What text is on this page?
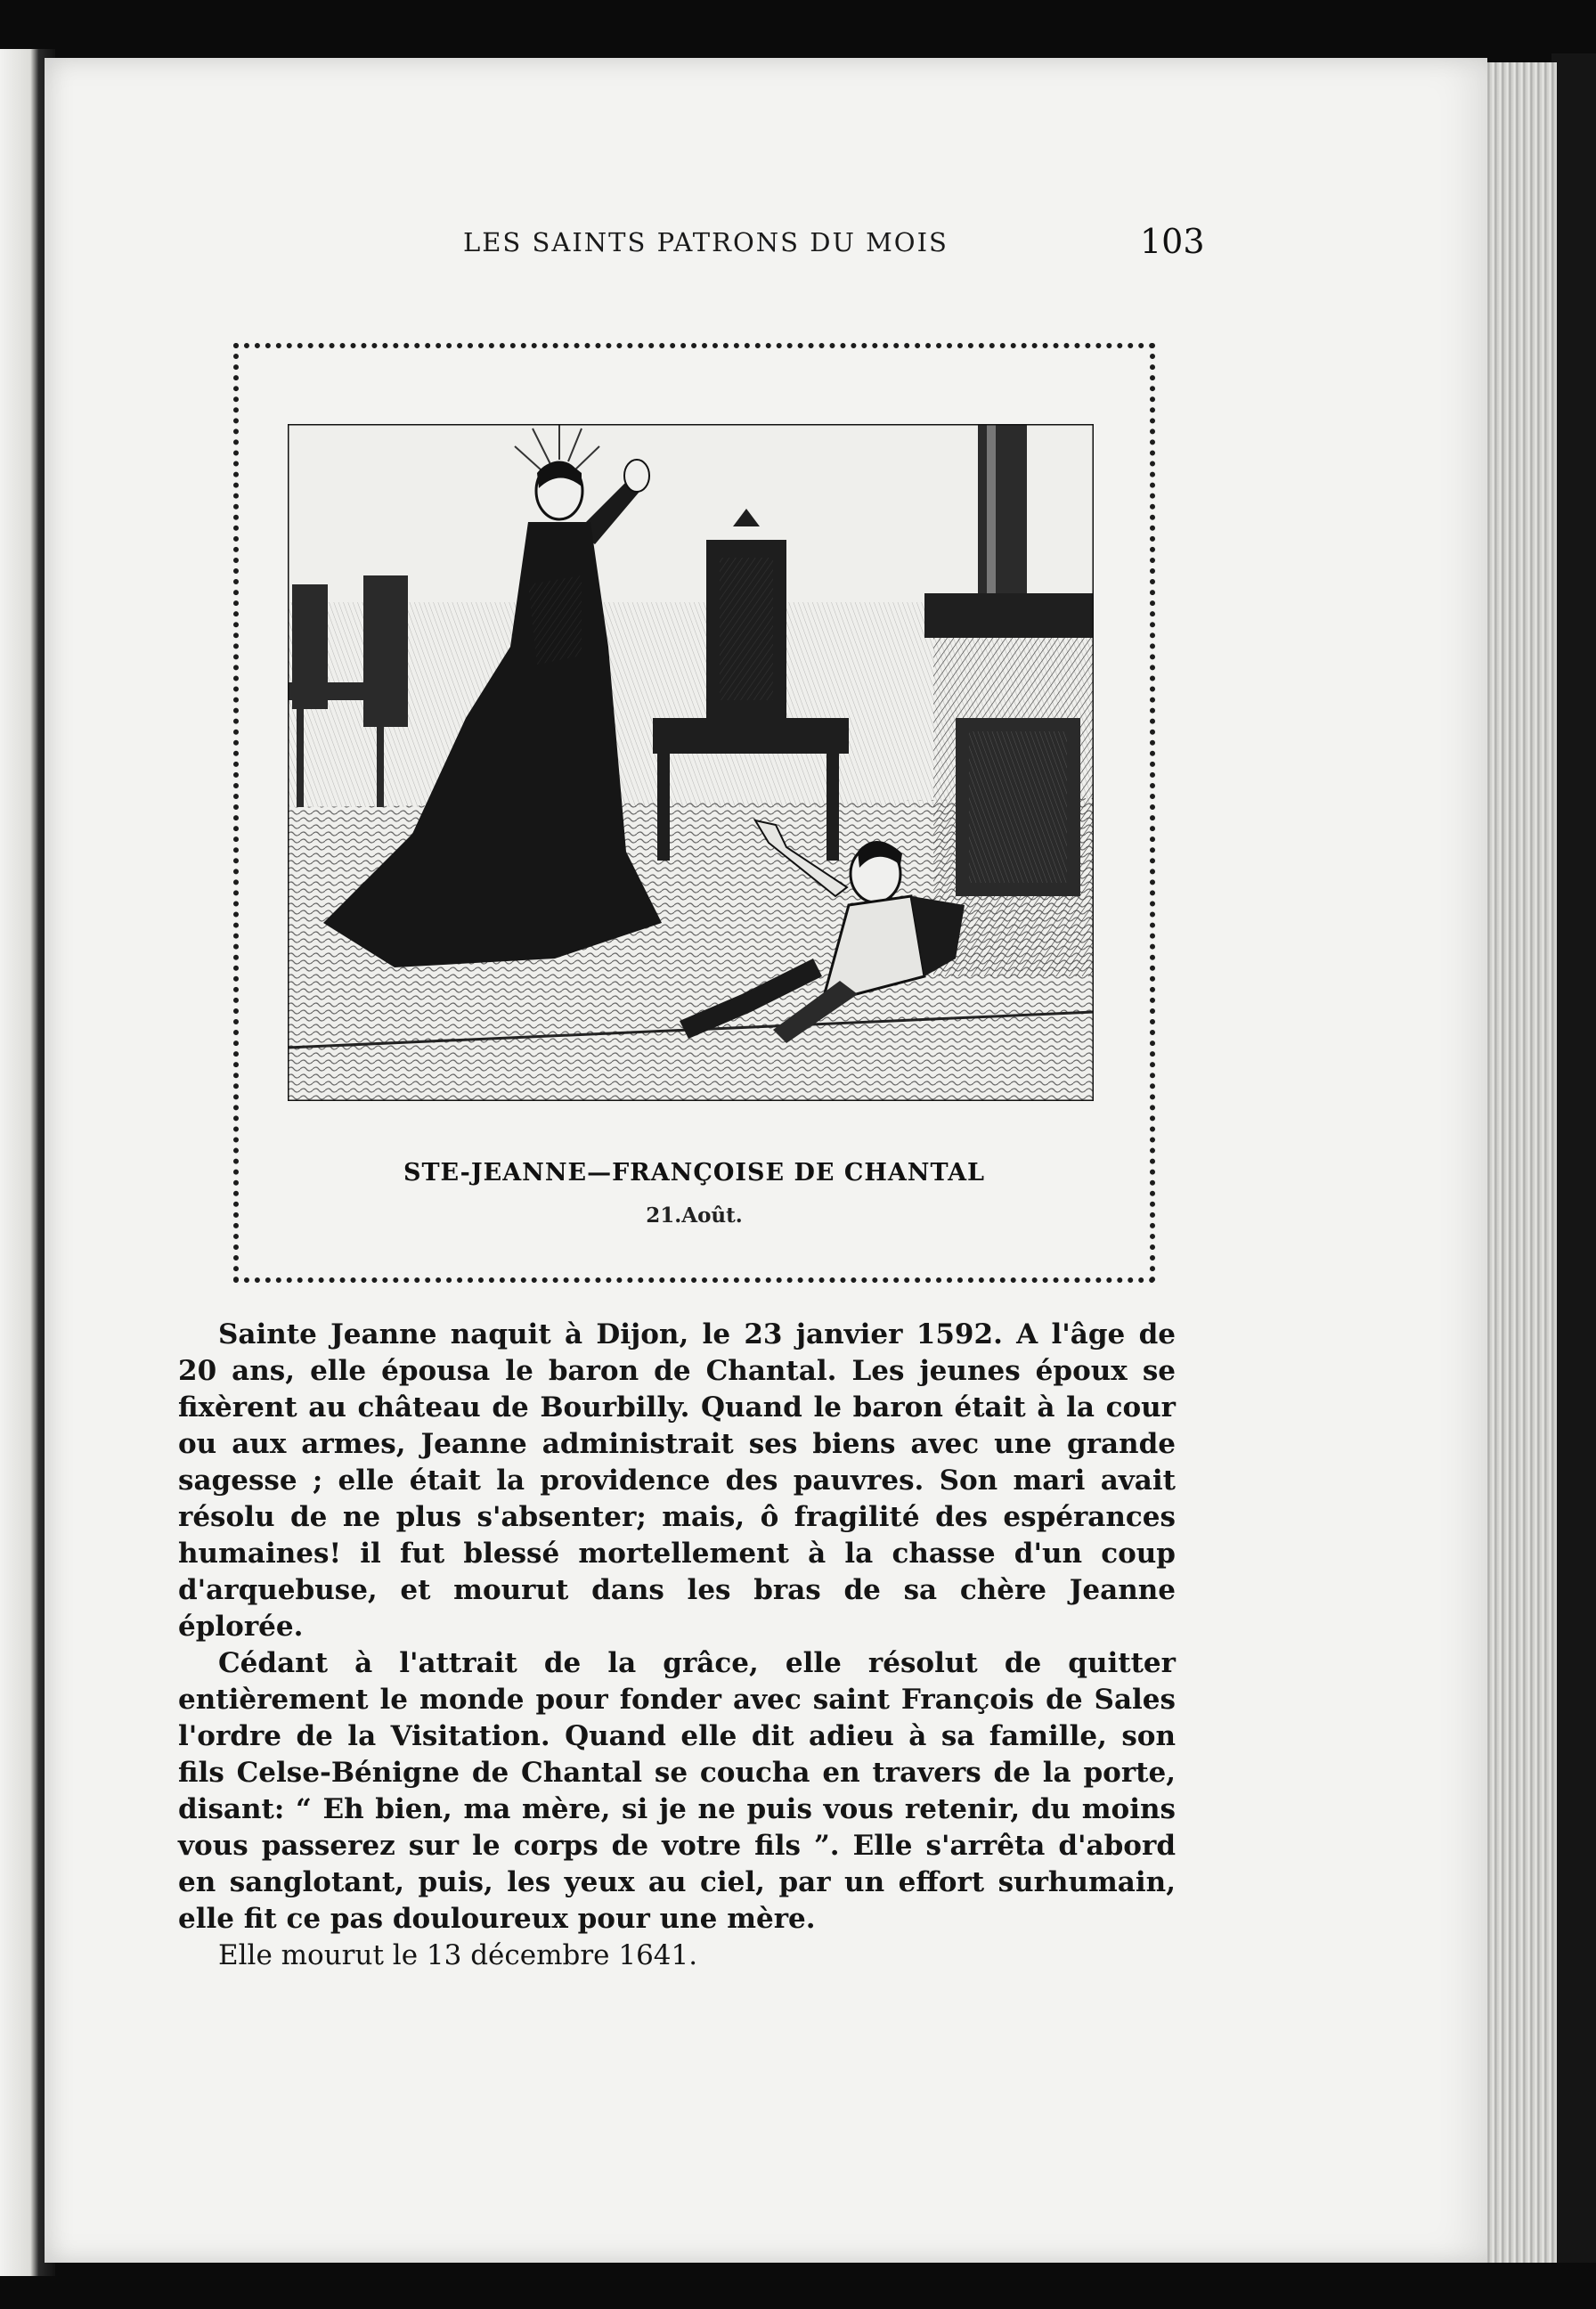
LES SAINTS PATRONS DU MOIS	103
STE-JEANNE—FRANÇOISE DE CHANTAL
21.Août.

Sainte Jeanne naquit à Dijon, le 23 janvier 1592. A l'âge de 20 ans, elle épousa le baron de Chantal. Les jeunes époux se fixèrent au château de Bourbilly. Quand le baron était à la cour ou aux armes, Jeanne administrait ses biens avec une grande sagesse ; elle était la providence des pauvres. Son mari avait résolu de ne plus s'absenter; mais, ô fragilité des espérances humaines! il fut blessé mortellement à la chasse d'un coup d'arquebuse, et mourut dans les bras de sa chère Jeanne éplorée.

Cédant à l'attrait de la grâce, elle résolut de quitter entièrement le monde pour fonder avec saint François de Sales l'ordre de la Visitation. Quand elle dit adieu à sa famille, son fils Celse-Bénigne de Chantal se coucha en travers de la porte, disant: “ Eh bien, ma mère, si je ne puis vous retenir, du moins vous passerez sur le corps de votre fils ”. Elle s'arrêta d'abord en sanglotant, puis, les yeux au ciel, par un effort surhumain, elle fit ce pas douloureux pour une mère.

Elle mourut le 13 décembre 1641.
